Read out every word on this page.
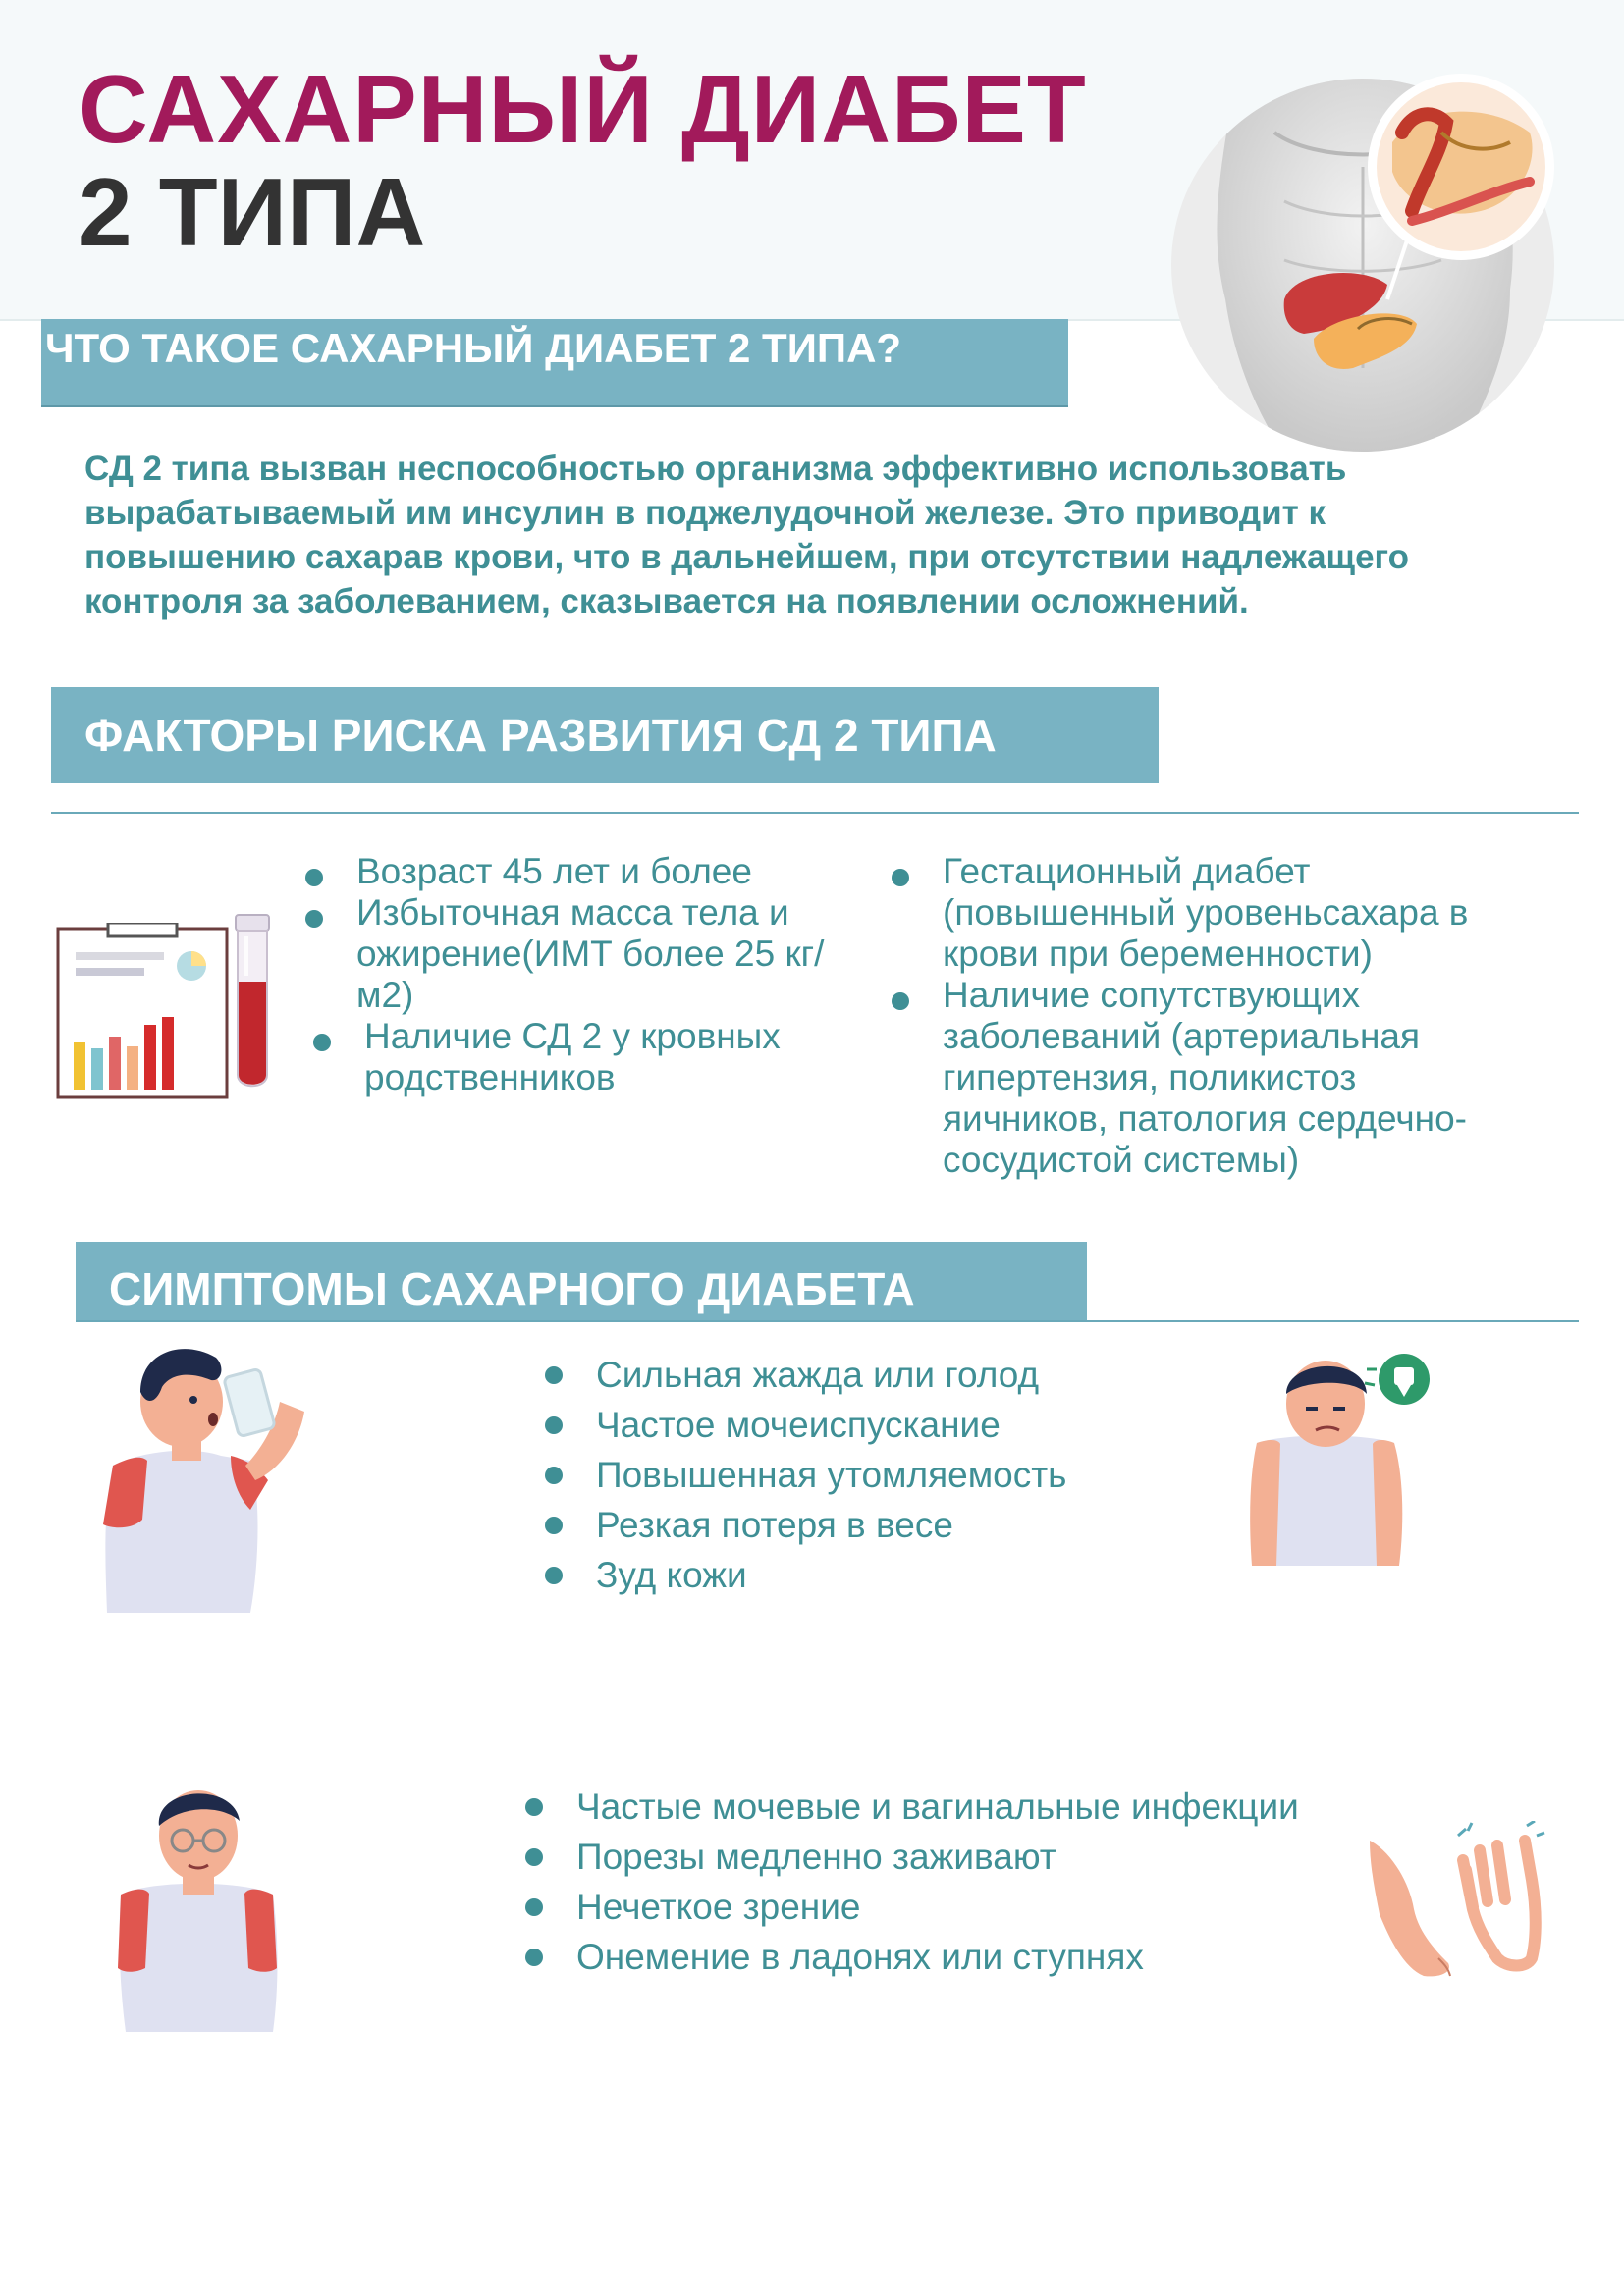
САХАРНЫЙ ДИАБЕТ
2 ТИПА
ЧТО ТАКОЕ САХАРНЫЙ ДИАБЕТ 2 ТИПА?
СД 2 типа вызван неспособностью организма эффективно использовать вырабатываемый им инсулин в поджелудочной железе. Это приводит к повышению сахарав крови, что в дальнейшем, при отсутствии надлежащего контроля за заболеванием, сказывается на появлении осложнений.
ФАКТОРЫ РИСКА РАЗВИТИЯ СД 2 ТИПА
Возраст 45 лет и более
Избыточная масса тела и ожирение(ИМТ более 25 кг/м2)
Наличие СД 2 у кровных родственников
Гестационный диабет (повышенный уровеньсахара в крови при беременности)
Наличие сопутствующих заболеваний (артериальная гипертензия, поликистоз яичников, патология сердечно-сосудистой системы)
СИМПТОМЫ САХАРНОГО ДИАБЕТА
Сильная жажда или голод
Частое мочеиспускание
Повышенная утомляемость
Резкая потеря в весе
Зуд кожи
Частые мочевые и вагинальные инфекции
Порезы медленно заживают
Нечеткое зрение
Онемение в ладонях или ступнях
